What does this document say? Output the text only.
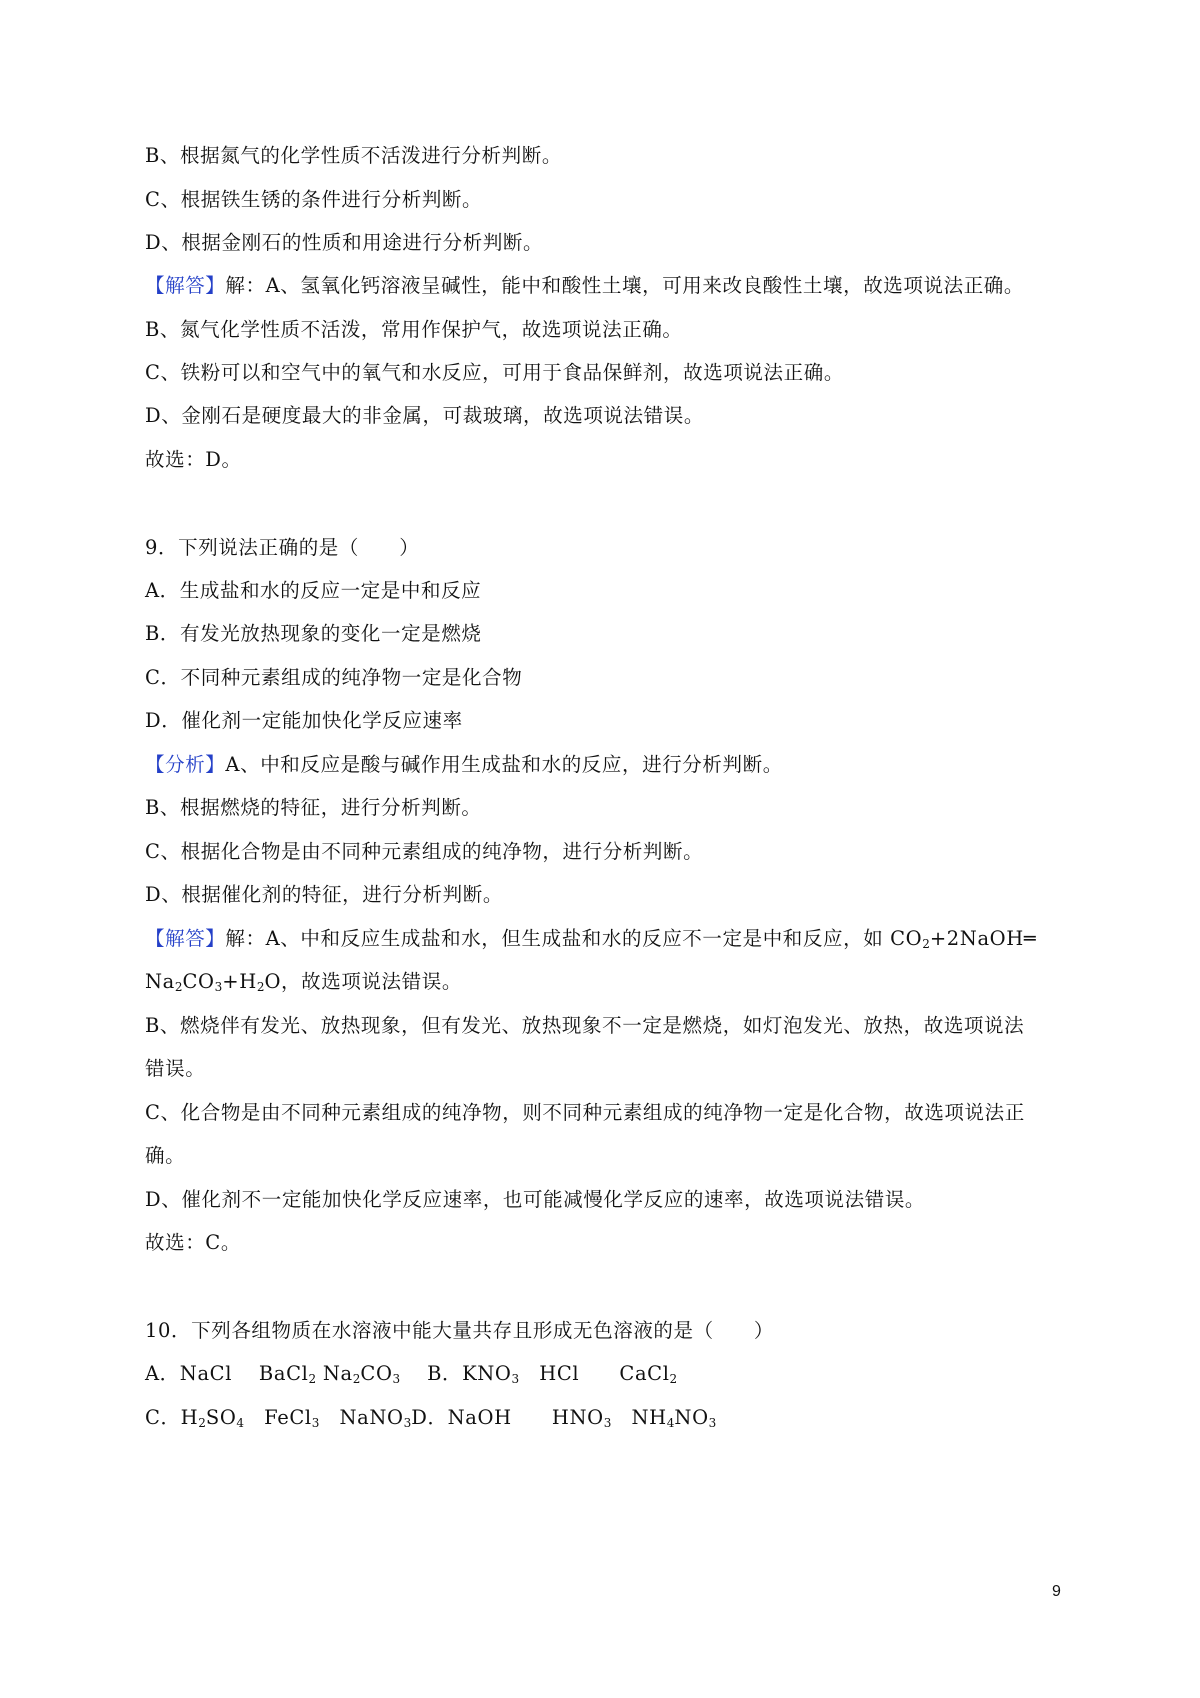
B、根据氮气的化学性质不活泼进行分析判断。
C、根据铁生锈的条件进行分析判断。
D、根据金刚石的性质和用途进行分析判断。
【解答】解：A、氢氧化钙溶液呈碱性，能中和酸性土壤，可用来改良酸性土壤，故选项说法正确。
B、氮气化学性质不活泼，常用作保护气，故选项说法正确。
C、铁粉可以和空气中的氧气和水反应，可用于食品保鲜剂，故选项说法正确。
D、金刚石是硬度最大的非金属，可裁玻璃，故选项说法错误。
故选：D。
9．下列说法正确的是（　　）
A．生成盐和水的反应一定是中和反应
B．有发光放热现象的变化一定是燃烧
C．不同种元素组成的纯净物一定是化合物
D．催化剂一定能加快化学反应速率
【分析】A、中和反应是酸与碱作用生成盐和水的反应，进行分析判断。
B、根据燃烧的特征，进行分析判断。
C、根据化合物是由不同种元素组成的纯净物，进行分析判断。
D、根据催化剂的特征，进行分析判断。
【解答】解：A、中和反应生成盐和水，但生成盐和水的反应不一定是中和反应，如 $CO_2+2NaOH═$
$Na_2CO_3+H_2O$，故选项说法错误。
B、燃烧伴有发光、放热现象，但有发光、放热现象不一定是燃烧，如灯泡发光、放热，故选项说法
错误。
C、化合物是由不同种元素组成的纯净物，则不同种元素组成的纯净物一定是化合物，故选项说法正
确。
D、催化剂不一定能加快化学反应速率，也可能减慢化学反应的速率，故选项说法错误。
故选：C。
10．下列各组物质在水溶液中能大量共存且形成无色溶液的是（　　）
A．NaCl　 BaCl$_2$ $Na_2CO_3$　 B．$KNO_3$　HCl　　CaCl$_2$
C．$H_2SO_4$　FeCl$_3$　NaNO$_3$D．NaOH　　$HNO_3$　$NH_4NO_3$
9
